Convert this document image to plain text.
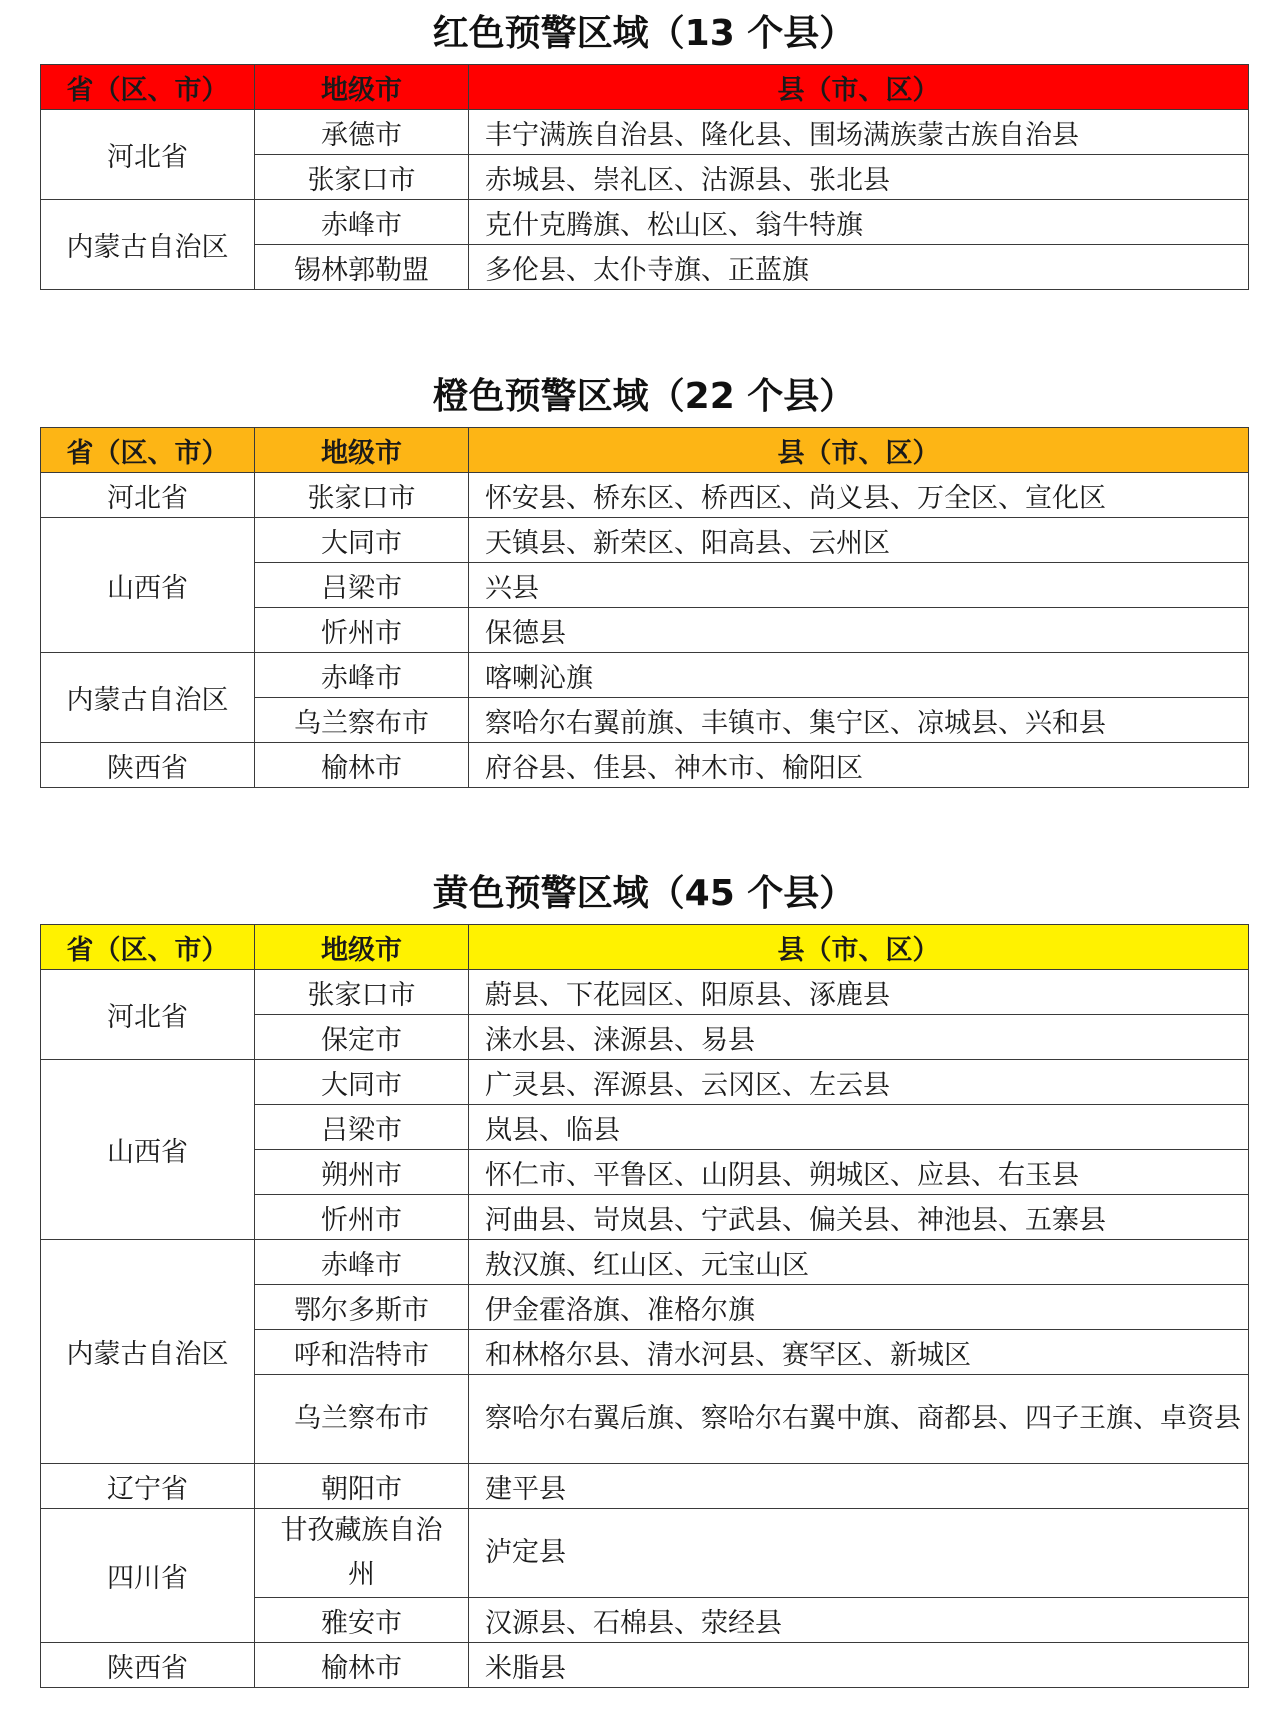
红色预警区域（13 个县）
省（区、市）	地级市	县（市、区）
河北省	承德市	丰宁满族自治县、隆化县、围场满族蒙古族自治县
	张家口市	赤城县、崇礼区、沽源县、张北县
内蒙古自治区	赤峰市	克什克腾旗、松山区、翁牛特旗
	锡林郭勒盟	多伦县、太仆寺旗、正蓝旗
橙色预警区域（22 个县）
省（区、市）	地级市	县（市、区）
河北省	张家口市	怀安县、桥东区、桥西区、尚义县、万全区、宣化区
山西省	大同市	天镇县、新荣区、阳高县、云州区
	吕梁市	兴县
	忻州市	保德县
内蒙古自治区	赤峰市	喀喇沁旗
	乌兰察布市	察哈尔右翼前旗、丰镇市、集宁区、凉城县、兴和县
陕西省	榆林市	府谷县、佳县、神木市、榆阳区
黄色预警区域（45 个县）
省（区、市）	地级市	县（市、区）
河北省	张家口市	蔚县、下花园区、阳原县、涿鹿县
	保定市	涞水县、涞源县、易县
山西省	大同市	广灵县、浑源县、云冈区、左云县
	吕梁市	岚县、临县
	朔州市	怀仁市、平鲁区、山阴县、朔城区、应县、右玉县
	忻州市	河曲县、岢岚县、宁武县、偏关县、神池县、五寨县
内蒙古自治区	赤峰市	敖汉旗、红山区、元宝山区
	鄂尔多斯市	伊金霍洛旗、准格尔旗
	呼和浩特市	和林格尔县、清水河县、赛罕区、新城区
	乌兰察布市	察哈尔右翼后旗、察哈尔右翼中旗、商都县、四子王旗、卓资县
辽宁省	朝阳市	建平县
四川省	甘孜藏族自治州	泸定县
	雅安市	汉源县、石棉县、荥经县
陕西省	榆林市	米脂县
